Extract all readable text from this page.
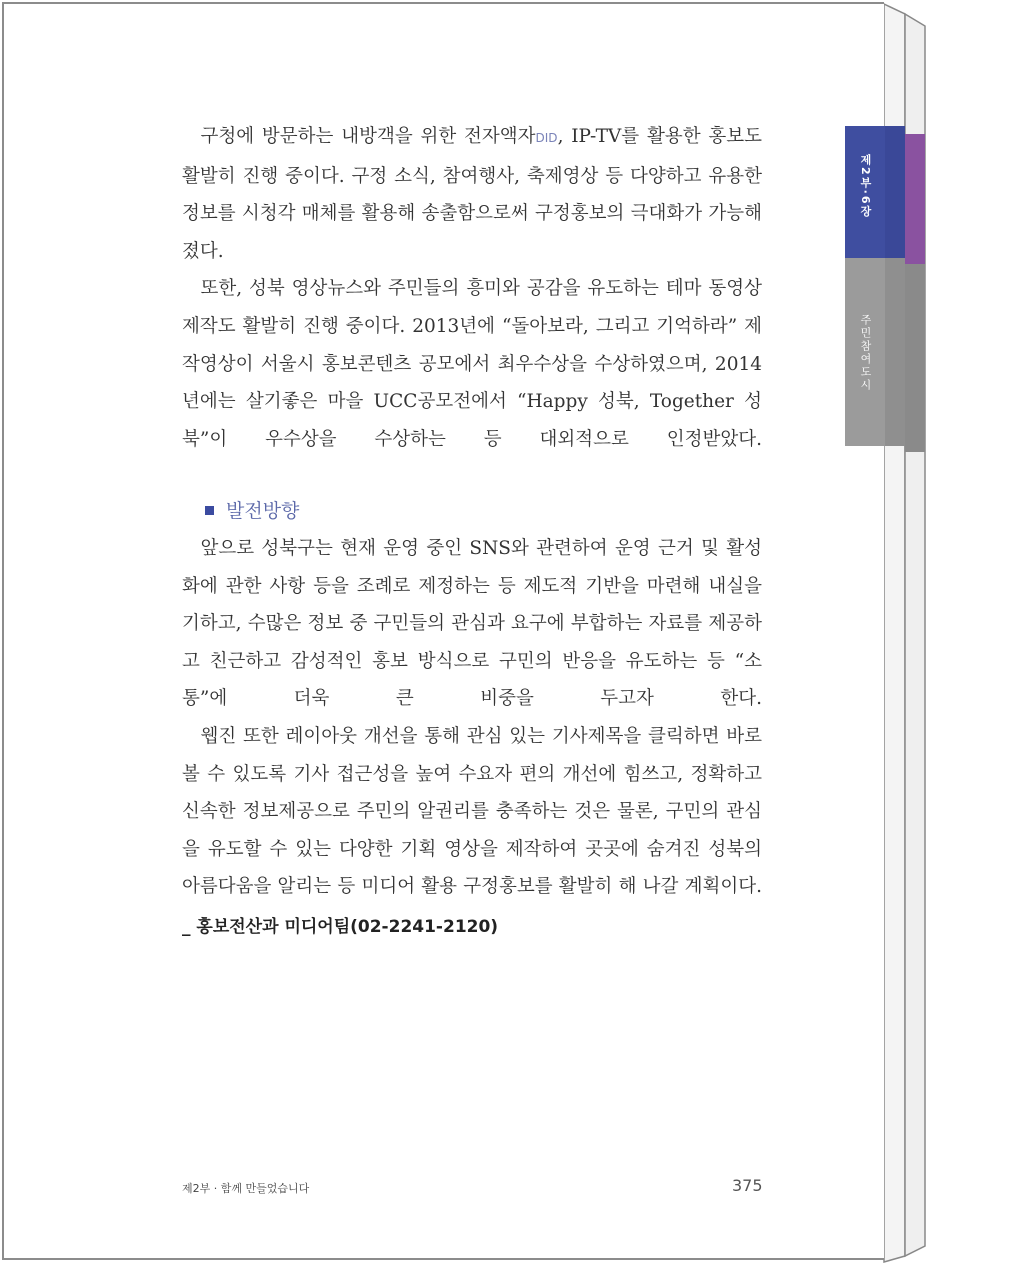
제2부·6장
주민참여도시

구청에 방문하는 내방객을 위한 전자액자DID, IP-TV를 활용한 홍보도 활발히 진행 중이다. 구정 소식, 참여행사, 축제영상 등 다양하고 유용한 정보를 시청각 매체를 활용해 송출함으로써 구정홍보의 극대화가 가능해졌다.

또한, 성북 영상뉴스와 주민들의 흥미와 공감을 유도하는 테마 동영상 제작도 활발히 진행 중이다. 2013년에 “돌아보라, 그리고 기억하라” 제작영상이 서울시 홍보콘텐츠 공모에서 최우수상을 수상하였으며, 2014년에는 살기좋은 마을 UCC공모전에서 “Happy 성북, Together 성북”이 우수상을 수상하는 등 대외적으로 인정받았다.

발전방향

앞으로 성북구는 현재 운영 중인 SNS와 관련하여 운영 근거 및 활성화에 관한 사항 등을 조례로 제정하는 등 제도적 기반을 마련해 내실을 기하고, 수많은 정보 중 구민들의 관심과 요구에 부합하는 자료를 제공하고 친근하고 감성적인 홍보 방식으로 구민의 반응을 유도하는 등 “소통”에 더욱 큰 비중을 두고자 한다.

웹진 또한 레이아웃 개선을 통해 관심 있는 기사제목을 클릭하면 바로 볼 수 있도록 기사 접근성을 높여 수요자 편의 개선에 힘쓰고, 정확하고 신속한 정보제공으로 주민의 알권리를 충족하는 것은 물론, 구민의 관심을 유도할 수 있는 다양한 기획 영상을 제작하여 곳곳에 숨겨진 성북의 아름다움을 알리는 등 미디어 활용 구정홍보를 활발히 해 나갈 계획이다.

_ 홍보전산과 미디어팀(02-2241-2120)
제2부 · 함께 만들었습니다	375
